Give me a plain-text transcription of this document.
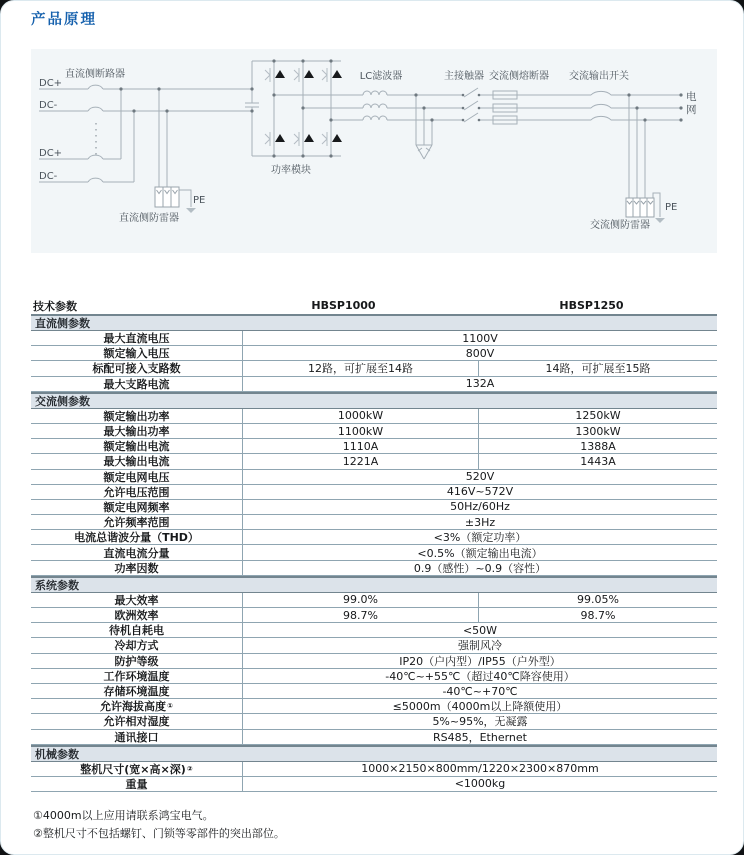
产品原理
直流侧断路器
DC+
DC-
DC+
DC-
功率模块
LC滤波器	主接触器 交流侧熔断器	交流输出开关
电网
PE
PE
直流侧防雷器
交流侧防雷器
技术参数	HBSP1000	HBSP1250
直流侧参数
最大直流电压	1100V
额定输入电压	800V
标配可接入支路数	12路，可扩展至14路	14路，可扩展至15路
最大支路电流	132A
交流侧参数
额定输出功率	1000kW	1250kW
最大输出功率	1100kW	1300kW
额定输出电流	1110A	1388A
最大输出电流	1221A	1443A
额定电网电压	520V
允许电压范围	416V~572V
额定电网频率	50Hz/60Hz
允许频率范围	±3Hz
电流总谐波分量（THD）	<3%（额定功率）
直流电流分量	<0.5%（额定输出电流）
功率因数	0.9（感性）~0.9（容性）
系统参数
最大效率	99.0%	99.05%
欧洲效率	98.7%	98.7%
待机自耗电	<50W
冷却方式	强制风冷
防护等级	IP20（户内型）/IP55（户外型）
工作环境温度	-40℃~+55℃（超过40℃降容使用）
存储环境温度	-40℃~+70℃
允许海拔高度 ①	≤5000m（4000m以上降额使用）
允许相对湿度	5%~95%，无凝露
通讯接口	RS485，Ethernet
机械参数
整机尺寸(宽×高×深) ②	1000×2150×800mm/1220×2300×870mm
重量	<1000kg
①4000m以上应用请联系鸿宝电气。
②整机尺寸不包括螺钉、门锁等零部件的突出部位。
